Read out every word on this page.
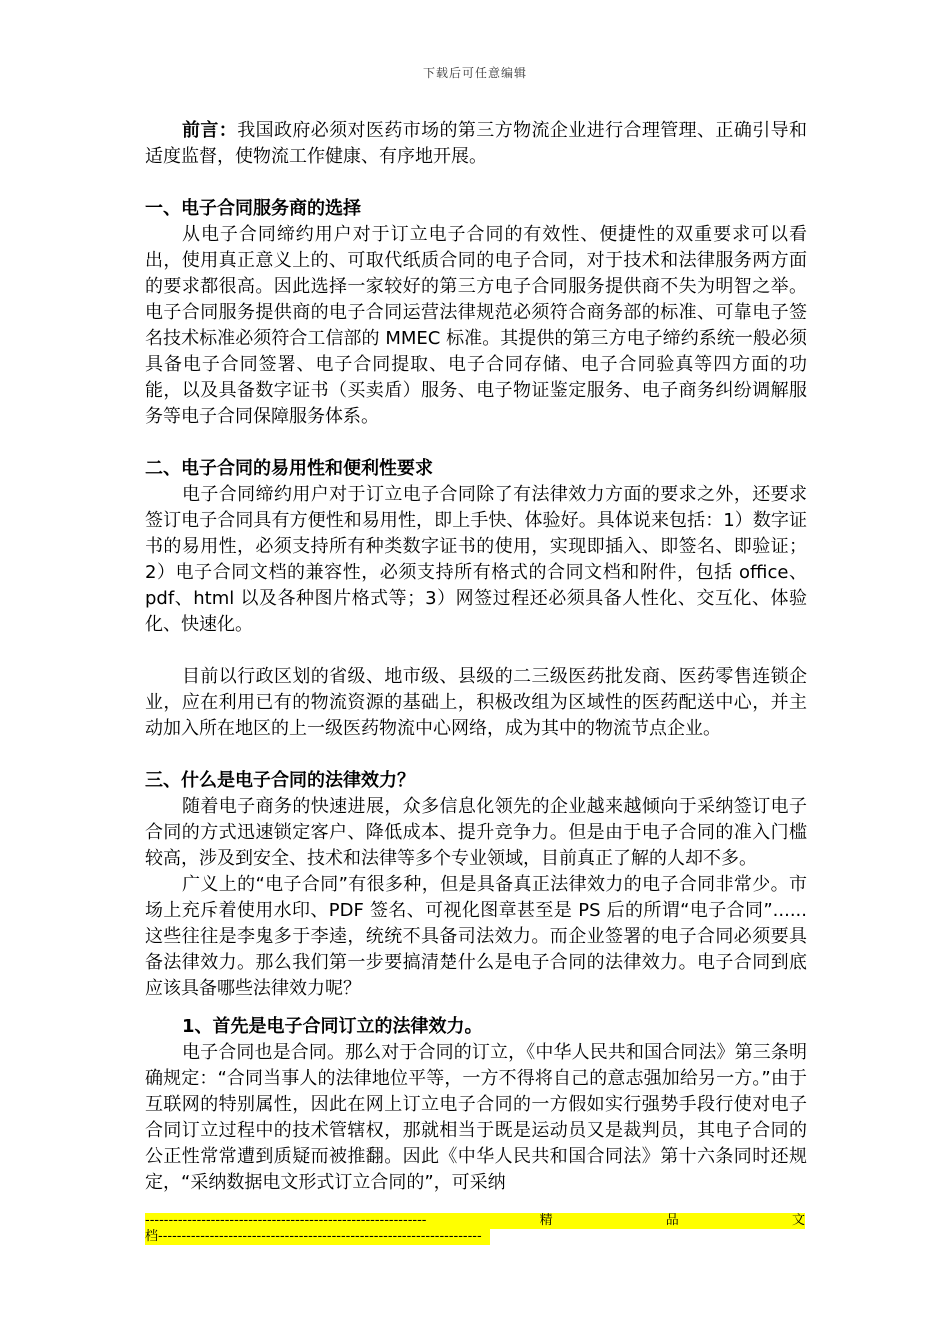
下载后可任意编辑

前言：我国政府必须对医药市场的第三方物流企业进行合理管理、正确引导和适度监督，使物流工作健康、有序地开展。

一、电子合同服务商的选择

从电子合同缔约用户对于订立电子合同的有效性、便捷性的双重要求可以看出，使用真正意义上的、可取代纸质合同的电子合同，对于技术和法律服务两方面的要求都很高。因此选择一家较好的第三方电子合同服务提供商不失为明智之举。电子合同服务提供商的电子合同运营法律规范必须符合商务部的标准、可靠电子签名技术标准必须符合工信部的 MMEC 标准。其提供的第三方电子缔约系统一般必须具备电子合同签署、电子合同提取、电子合同存储、电子合同验真等四方面的功能，以及具备数字证书（买卖盾）服务、电子物证鉴定服务、电子商务纠纷调解服务等电子合同保障服务体系。

二、电子合同的易用性和便利性要求

电子合同缔约用户对于订立电子合同除了有法律效力方面的要求之外，还要求签订电子合同具有方便性和易用性，即上手快、体验好。具体说来包括：1）数字证书的易用性，必须支持所有种类数字证书的使用，实现即插入、即签名、即验证；2）电子合同文档的兼容性，必须支持所有格式的合同文档和附件，包括 office、pdf、html 以及各种图片格式等；3）网签过程还必须具备人性化、交互化、体验化、快速化。

目前以行政区划的省级、地市级、县级的二三级医药批发商、医药零售连锁企业，应在利用已有的物流资源的基础上，积极改组为区域性的医药配送中心，并主动加入所在地区的上一级医药物流中心网络，成为其中的物流节点企业。

三、什么是电子合同的法律效力？

随着电子商务的快速进展，众多信息化领先的企业越来越倾向于采纳签订电子合同的方式迅速锁定客户、降低成本、提升竞争力。但是由于电子合同的准入门槛较高，涉及到安全、技术和法律等多个专业领域，目前真正了解的人却不多。

广义上的“电子合同”有很多种，但是具备真正法律效力的电子合同非常少。市场上充斥着使用水印、PDF 签名、可视化图章甚至是 PS 后的所谓“电子合同”......这些往往是李鬼多于李逵，统统不具备司法效力。而企业签署的电子合同必须要具备法律效力。那么我们第一步要搞清楚什么是电子合同的法律效力。电子合同到底应该具备哪些法律效力呢？

1、首先是电子合同订立的法律效力。

电子合同也是合同。那么对于合同的订立，《中华人民共和国合同法》第三条明确规定：“合同当事人的法律地位平等，一方不得将自己的意志强加给另一方。”由于互联网的特别属性，因此在网上订立电子合同的一方假如实行强势手段行使对电子合同订立过程中的技术管辖权，那就相当于既是运动员又是裁判员，其电子合同的公正性常常遭到质疑而被推翻。因此《中华人民共和国合同法》第十六条同时还规定，“采纳数据电文形式订立合同的”，可采纳

------------------------------------------------------------	精	品	文
档---------------------------------------------------------------------
